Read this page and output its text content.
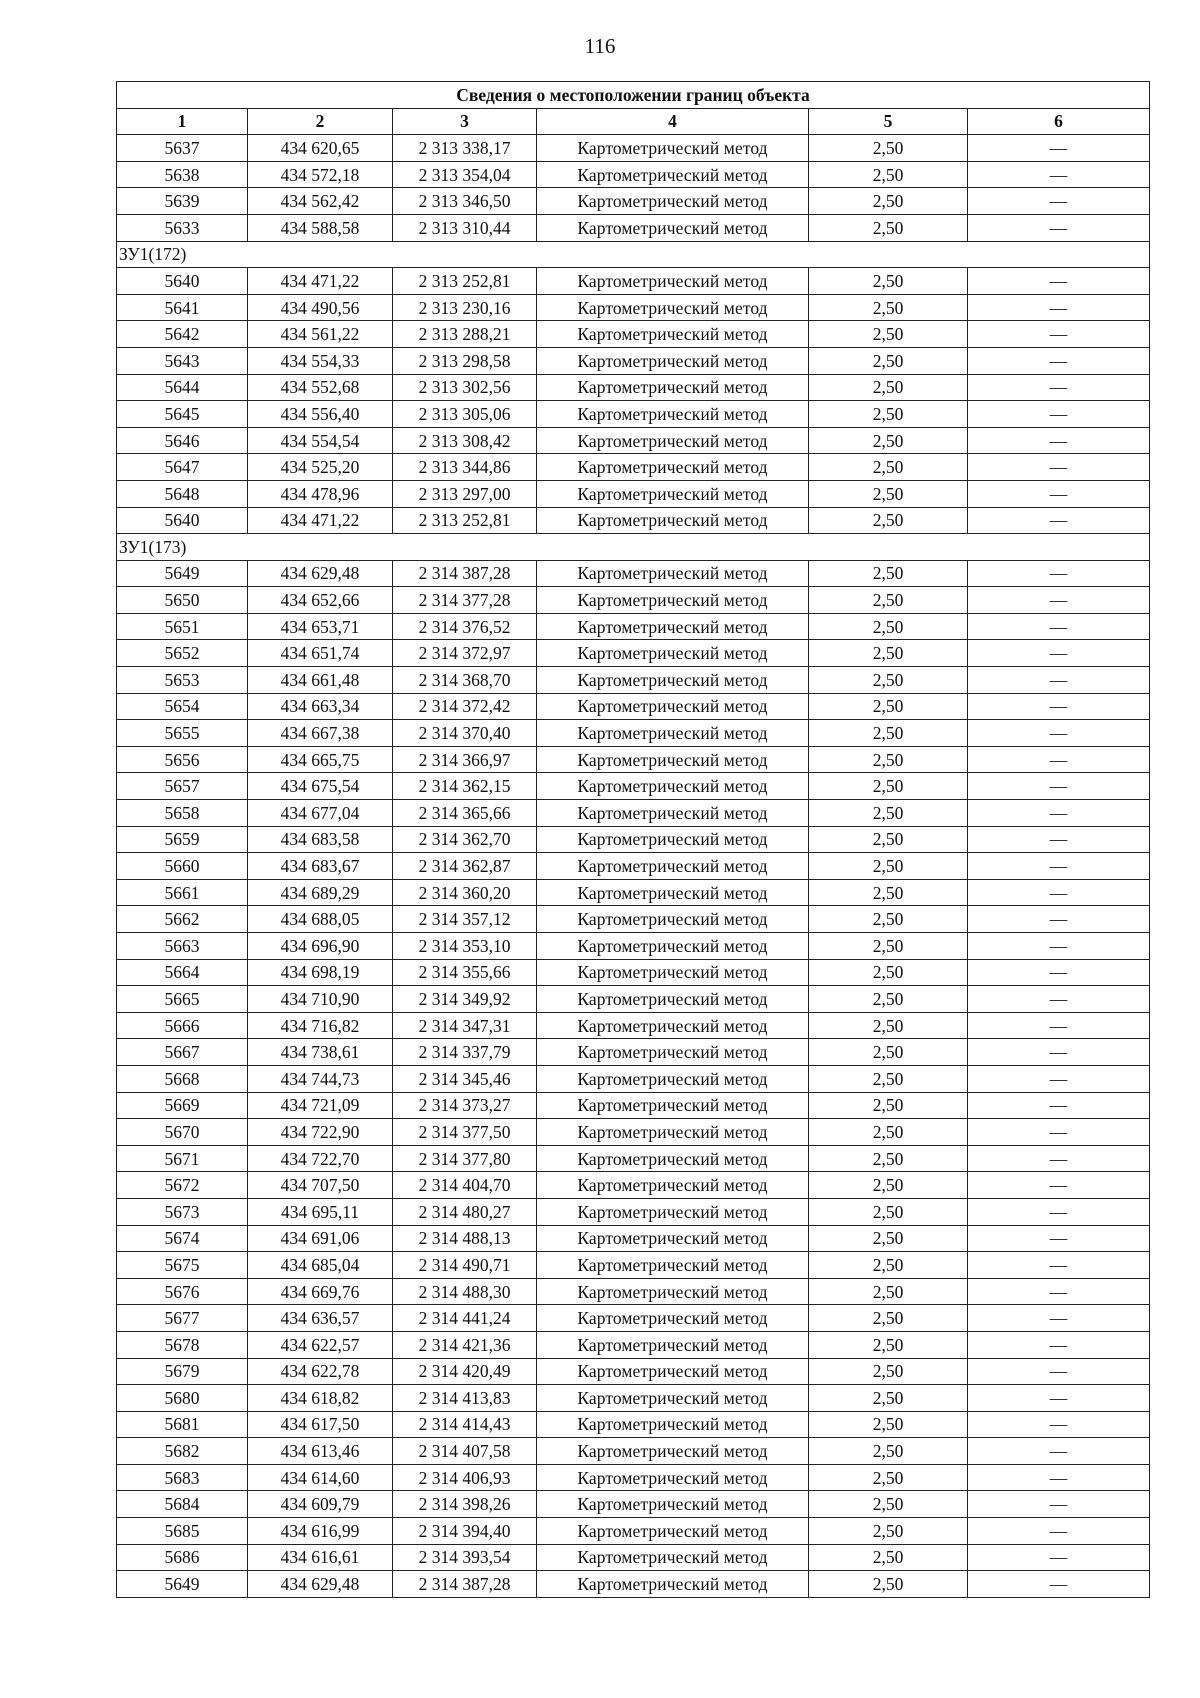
116
Сведения о местоположении границ объекта					
1	2	3	4	5	6
5637	434 620,65	2 313 338,17	Картометрический метод	2,50	—
5638	434 572,18	2 313 354,04	Картометрический метод	2,50	—
5639	434 562,42	2 313 346,50	Картометрический метод	2,50	—
5633	434 588,58	2 313 310,44	Картометрический метод	2,50	—
ЗУ1(172)					
5640	434 471,22	2 313 252,81	Картометрический метод	2,50	—
5641	434 490,56	2 313 230,16	Картометрический метод	2,50	—
5642	434 561,22	2 313 288,21	Картометрический метод	2,50	—
5643	434 554,33	2 313 298,58	Картометрический метод	2,50	—
5644	434 552,68	2 313 302,56	Картометрический метод	2,50	—
5645	434 556,40	2 313 305,06	Картометрический метод	2,50	—
5646	434 554,54	2 313 308,42	Картометрический метод	2,50	—
5647	434 525,20	2 313 344,86	Картометрический метод	2,50	—
5648	434 478,96	2 313 297,00	Картометрический метод	2,50	—
5640	434 471,22	2 313 252,81	Картометрический метод	2,50	—
ЗУ1(173)					
5649	434 629,48	2 314 387,28	Картометрический метод	2,50	—
5650	434 652,66	2 314 377,28	Картометрический метод	2,50	—
5651	434 653,71	2 314 376,52	Картометрический метод	2,50	—
5652	434 651,74	2 314 372,97	Картометрический метод	2,50	—
5653	434 661,48	2 314 368,70	Картометрический метод	2,50	—
5654	434 663,34	2 314 372,42	Картометрический метод	2,50	—
5655	434 667,38	2 314 370,40	Картометрический метод	2,50	—
5656	434 665,75	2 314 366,97	Картометрический метод	2,50	—
5657	434 675,54	2 314 362,15	Картометрический метод	2,50	—
5658	434 677,04	2 314 365,66	Картометрический метод	2,50	—
5659	434 683,58	2 314 362,70	Картометрический метод	2,50	—
5660	434 683,67	2 314 362,87	Картометрический метод	2,50	—
5661	434 689,29	2 314 360,20	Картометрический метод	2,50	—
5662	434 688,05	2 314 357,12	Картометрический метод	2,50	—
5663	434 696,90	2 314 353,10	Картометрический метод	2,50	—
5664	434 698,19	2 314 355,66	Картометрический метод	2,50	—
5665	434 710,90	2 314 349,92	Картометрический метод	2,50	—
5666	434 716,82	2 314 347,31	Картометрический метод	2,50	—
5667	434 738,61	2 314 337,79	Картометрический метод	2,50	—
5668	434 744,73	2 314 345,46	Картометрический метод	2,50	—
5669	434 721,09	2 314 373,27	Картометрический метод	2,50	—
5670	434 722,90	2 314 377,50	Картометрический метод	2,50	—
5671	434 722,70	2 314 377,80	Картометрический метод	2,50	—
5672	434 707,50	2 314 404,70	Картометрический метод	2,50	—
5673	434 695,11	2 314 480,27	Картометрический метод	2,50	—
5674	434 691,06	2 314 488,13	Картометрический метод	2,50	—
5675	434 685,04	2 314 490,71	Картометрический метод	2,50	—
5676	434 669,76	2 314 488,30	Картометрический метод	2,50	—
5677	434 636,57	2 314 441,24	Картометрический метод	2,50	—
5678	434 622,57	2 314 421,36	Картометрический метод	2,50	—
5679	434 622,78	2 314 420,49	Картометрический метод	2,50	—
5680	434 618,82	2 314 413,83	Картометрический метод	2,50	—
5681	434 617,50	2 314 414,43	Картометрический метод	2,50	—
5682	434 613,46	2 314 407,58	Картометрический метод	2,50	—
5683	434 614,60	2 314 406,93	Картометрический метод	2,50	—
5684	434 609,79	2 314 398,26	Картометрический метод	2,50	—
5685	434 616,99	2 314 394,40	Картометрический метод	2,50	—
5686	434 616,61	2 314 393,54	Картометрический метод	2,50	—
5649	434 629,48	2 314 387,28	Картометрический метод	2,50	—
